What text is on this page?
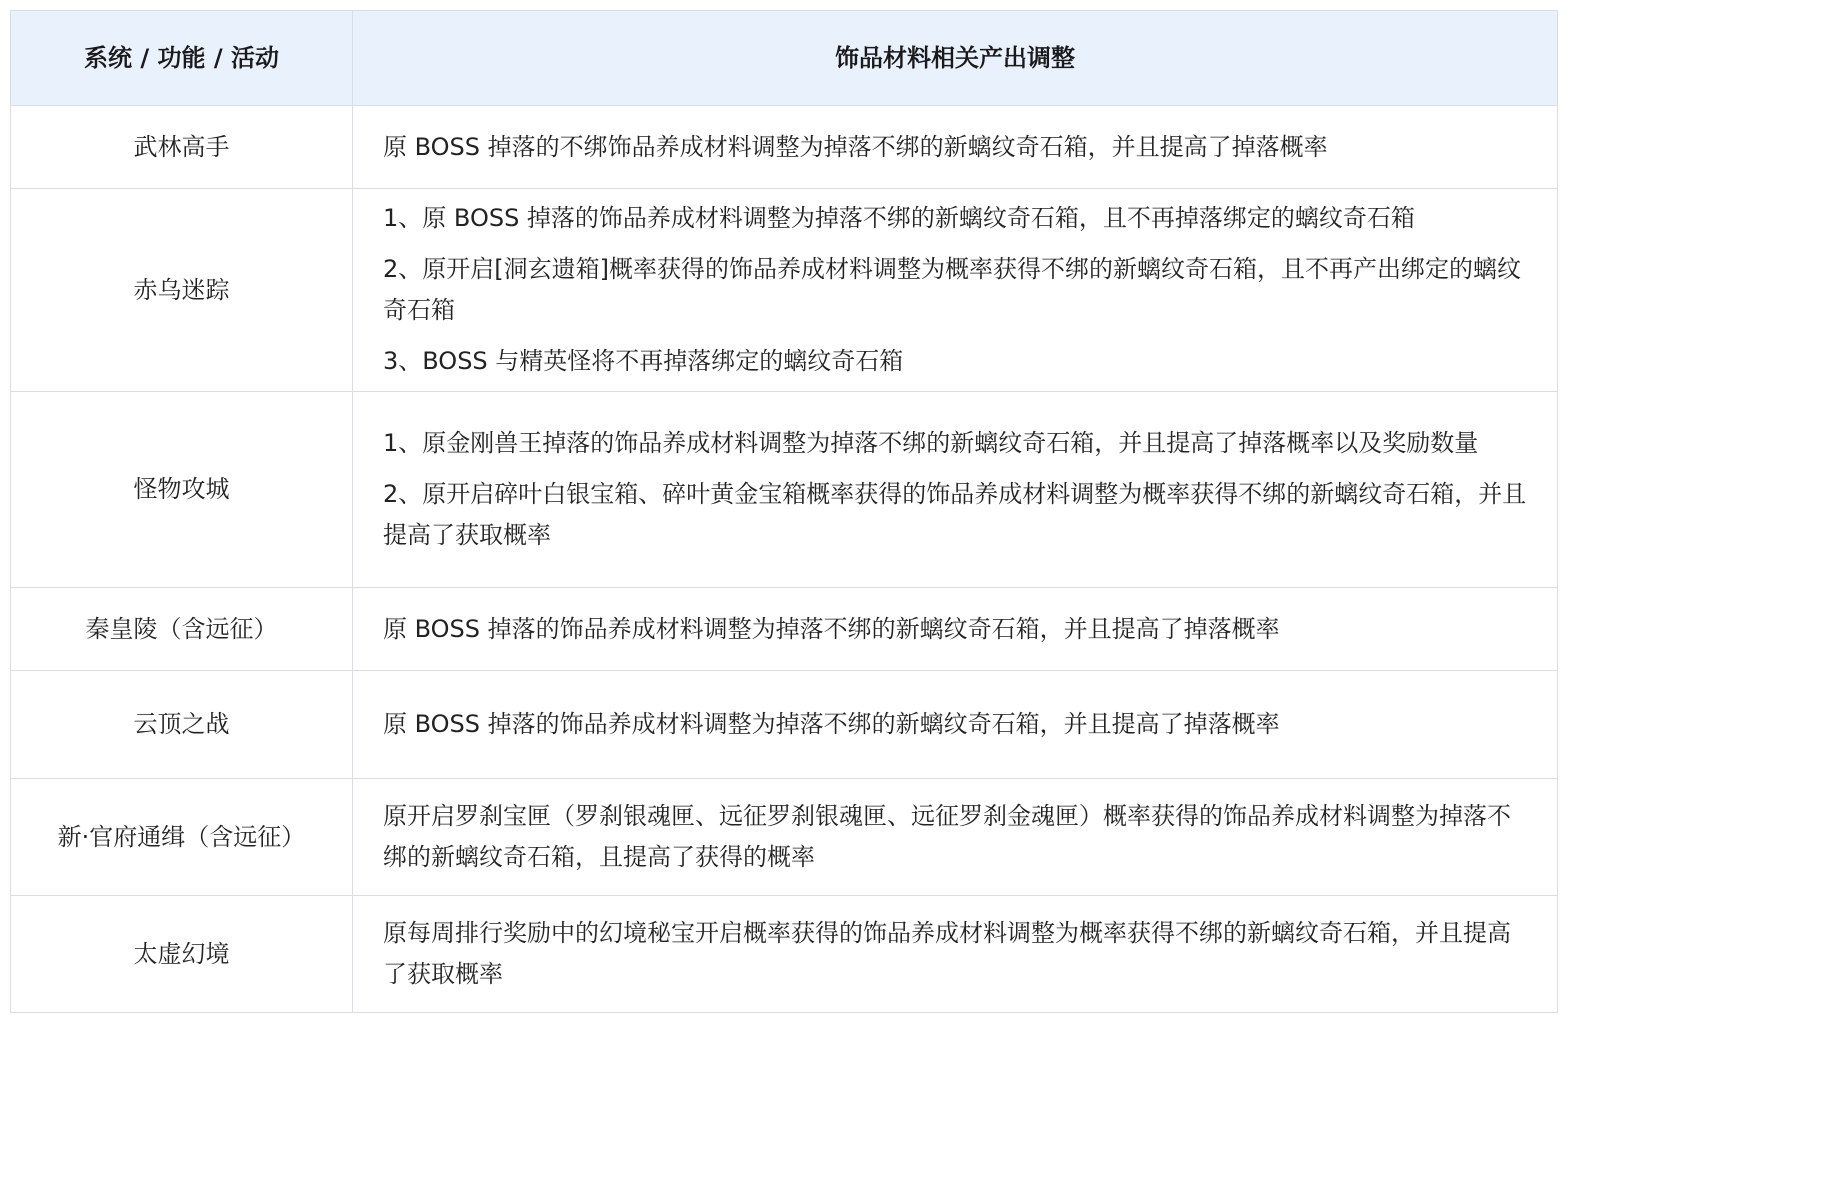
系统 / 功能 / 活动	饰品材料相关产出调整
武林高手	原 BOSS 掉落的不绑饰品养成材料调整为掉落不绑的新螭纹奇石箱，并且提高了掉落概率

赤乌迷踪	1、原 BOSS 掉落的饰品养成材料调整为掉落不绑的新螭纹奇石箱，且不再掉落绑定的螭纹奇石箱

2、原开启[洞玄遗箱]概率获得的饰品养成材料调整为概率获得不绑的新螭纹奇石箱，且不再产出绑定的螭纹奇石箱

3、BOSS 与精英怪将不再掉落绑定的螭纹奇石箱

怪物攻城	1、原金刚兽王掉落的饰品养成材料调整为掉落不绑的新螭纹奇石箱，并且提高了掉落概率以及奖励数量

2、原开启碎叶白银宝箱、碎叶黄金宝箱概率获得的饰品养成材料调整为概率获得不绑的新螭纹奇石箱，并且提高了获取概率

秦皇陵（含远征）	原 BOSS 掉落的饰品养成材料调整为掉落不绑的新螭纹奇石箱，并且提高了掉落概率

云顶之战	原 BOSS 掉落的饰品养成材料调整为掉落不绑的新螭纹奇石箱，并且提高了掉落概率

新·官府通缉（含远征）	原开启罗刹宝匣（罗刹银魂匣、远征罗刹银魂匣、远征罗刹金魂匣）概率获得的饰品养成材料调整为掉落不绑的新螭纹奇石箱，且提高了获得的概率

太虚幻境	原每周排行奖励中的幻境秘宝开启概率获得的饰品养成材料调整为概率获得不绑的新螭纹奇石箱，并且提高了获取概率
